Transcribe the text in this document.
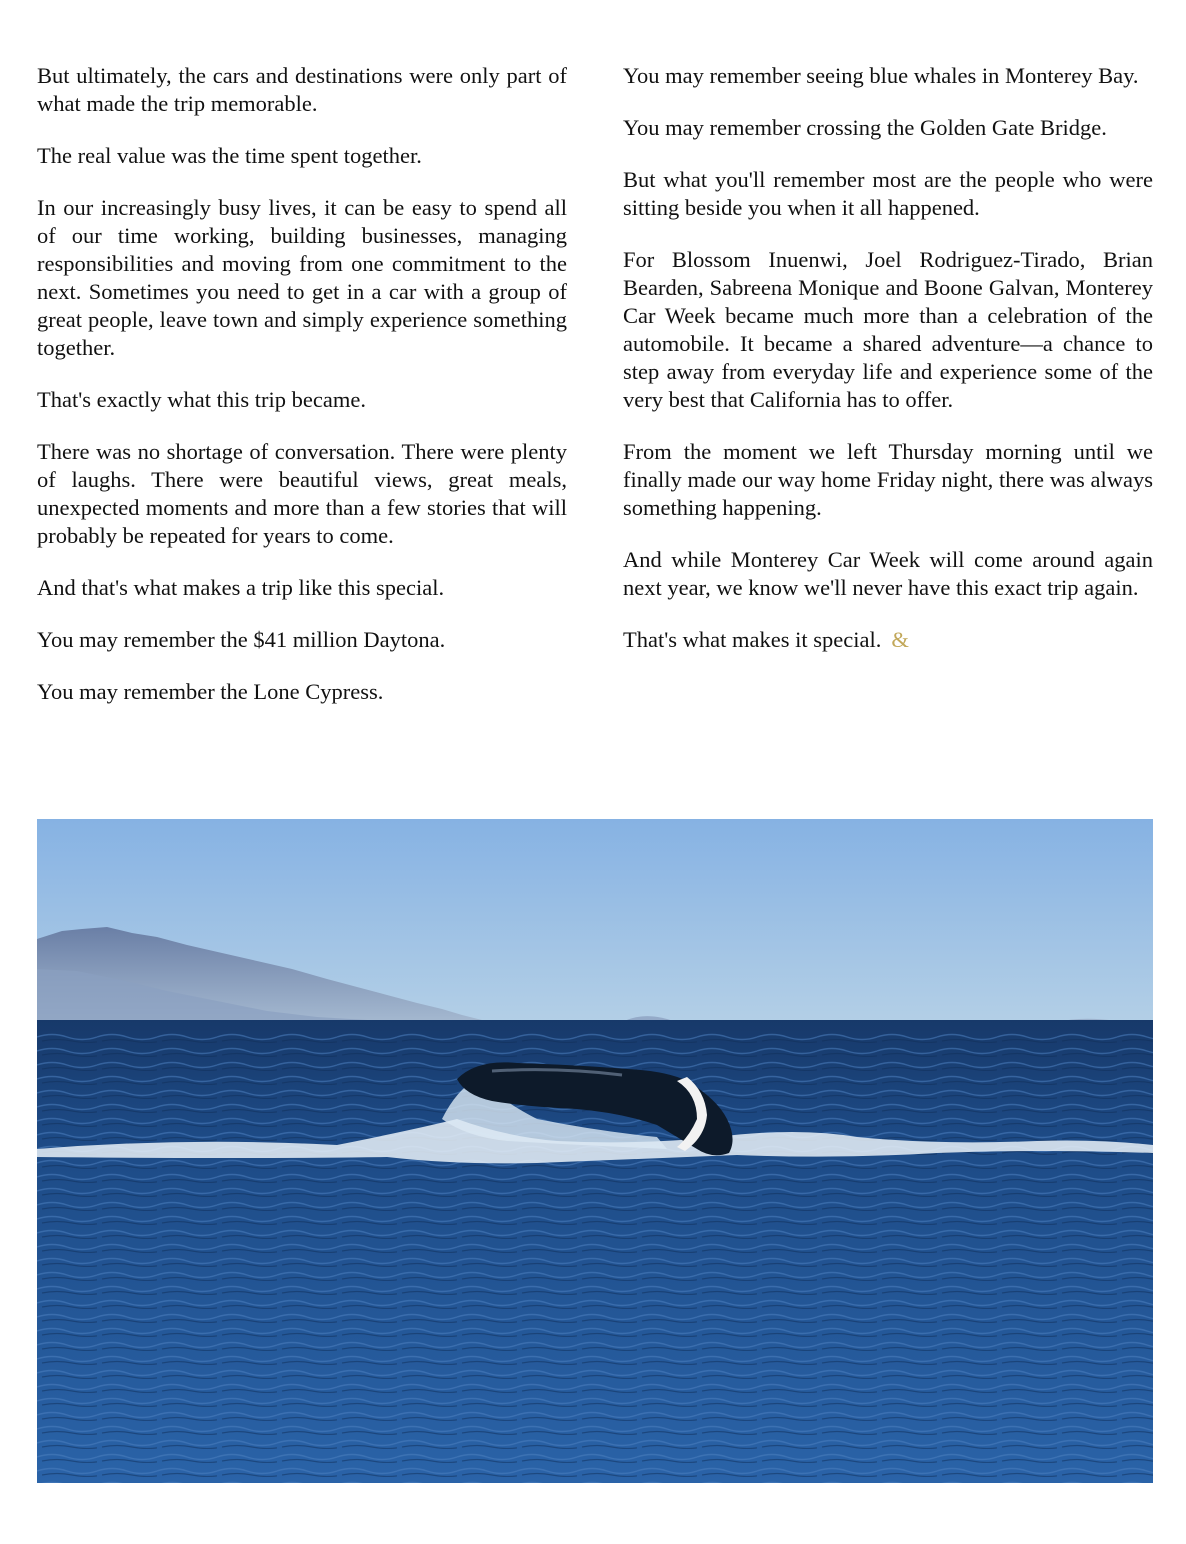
But ultimately, the cars and destinations were only part of what made the trip memorable.

The real value was the time spent together.

In our increasingly busy lives, it can be easy to spend all of our time working, building businesses, managing responsibilities and moving from one commitment to the next. Sometimes you need to get in a car with a group of great people, leave town and simply experience something together.

That's exactly what this trip became.

There was no shortage of conversation. There were plenty of laughs. There were beautiful views, great meals, unexpected moments and more than a few stories that will probably be repeated for years to come.

And that's what makes a trip like this special.

You may remember the $41 million Daytona.

You may remember the Lone Cypress.

You may remember seeing blue whales in Monterey Bay.

You may remember crossing the Golden Gate Bridge.

But what you'll remember most are the people who were sitting beside you when it all happened.

For Blossom Inuenwi, Joel Rodriguez-Tirado, Brian Bearden, Sabreena Monique and Boone Galvan, Monterey Car Week became much more than a celebration of the automobile. It became a shared adventure—a chance to step away from everyday life and experience some of the very best that California has to offer.

From the moment we left Thursday morning until we finally made our way home Friday night, there was always something happening.

And while Monterey Car Week will come around again next year, we know we'll never have this exact trip again.

That's what makes it special. &
